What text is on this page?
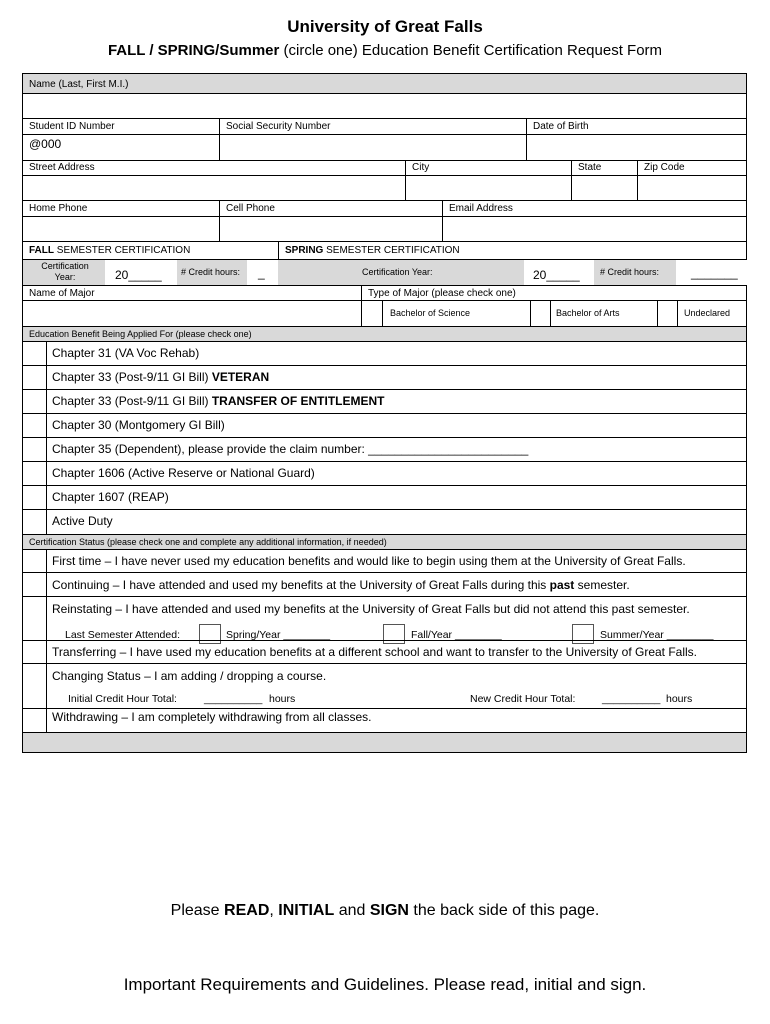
University of Great Falls
FALL / SPRING/Summer (circle one) Education Benefit Certification Request Form
Name (Last, First M.I.)
Student ID Number	Social Security Number	Date of Birth
@000
Street Address	City	State	Zip Code
Home Phone	Cell Phone	Email Address
FALL SEMESTER CERTIFICATION	SPRING SEMESTER CERTIFICATION
Certification
Year:	20_____ # Credit hours: _	Certification Year:	20_____ # Credit hours:	_______
Name of Major	Type of Major (please check one)
Bachelor of Science	Bachelor of Arts	Undeclared
Education Benefit Being Applied For (please check one)
Chapter 31 (VA Voc Rehab)
Chapter 33 (Post-9/11 GI Bill) VETERAN
Chapter 33 (Post-9/11 GI Bill) TRANSFER OF ENTITLEMENT
Chapter 30 (Montgomery GI Bill)
Chapter 35 (Dependent), please provide the claim number: ________________________
Chapter 1606 (Active Reserve or National Guard)
Chapter 1607 (REAP)
Active Duty
Certification Status (please check one and complete any additional information, if needed)
First time – I have never used my education benefits and would like to begin using them at the University of Great Falls.
Continuing – I have attended and used my benefits at the University of Great Falls during this past semester.
Reinstating – I have attended and used my benefits at the University of Great Falls but did not attend this past semester.
Last Semester Attended:	Spring/Year ________	Fall/Year ________	Summer/Year ________
Transferring – I have used my education benefits at a different school and want to transfer to the University of Great Falls.
Changing Status – I am adding / dropping a course.
Initial Credit Hour Total:	__________ hours	New Credit Hour Total:	__________ hours
Withdrawing – I am completely withdrawing from all classes.
Please READ, INITIAL and SIGN the back side of this page.
Important Requirements and Guidelines. Please read, initial and sign.
